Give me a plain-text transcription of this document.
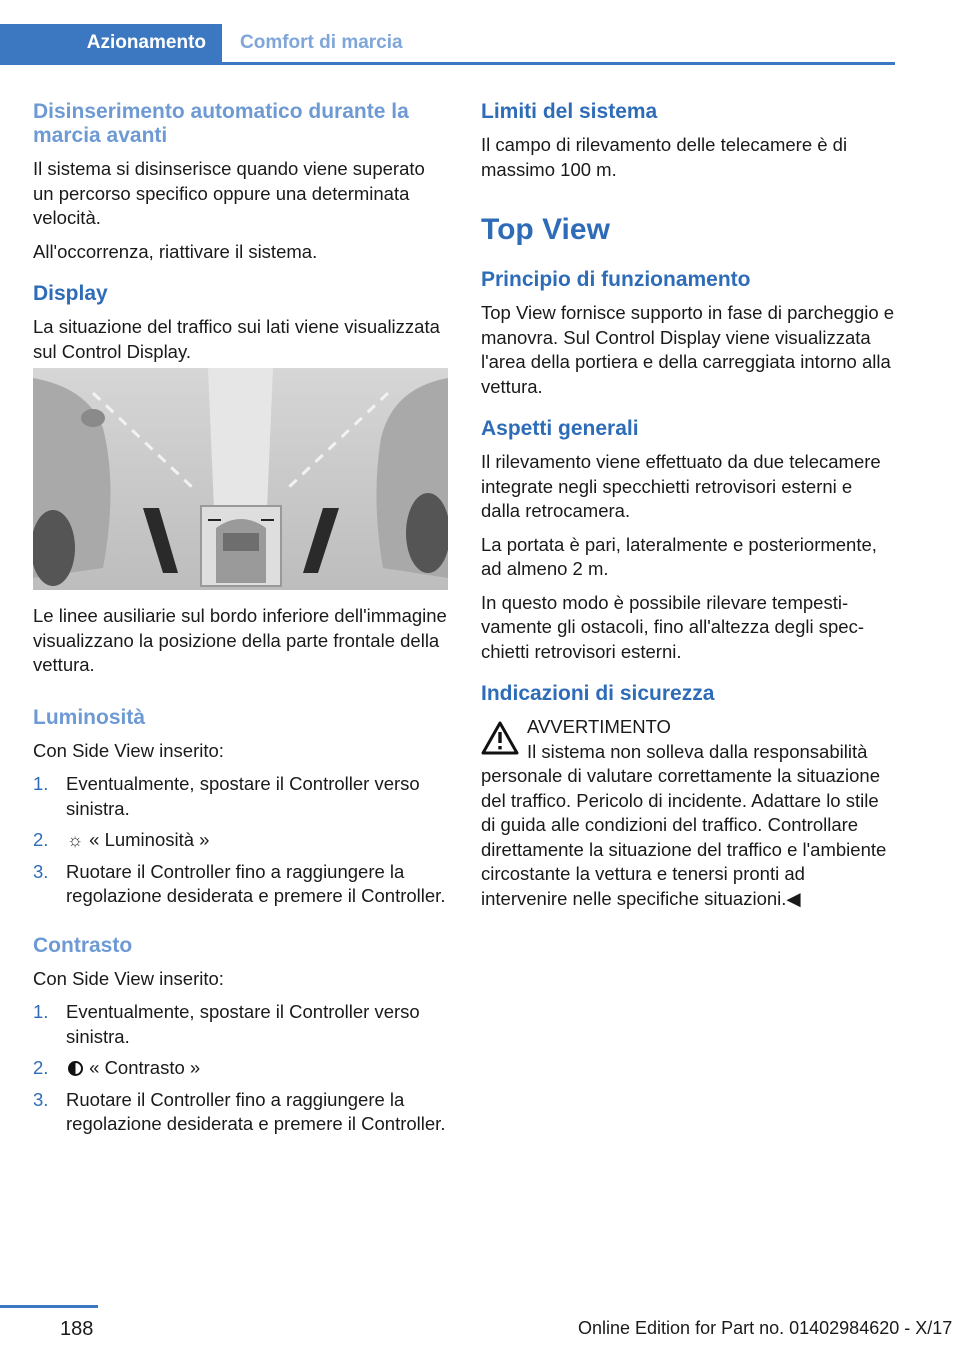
Azionamento	Comfort di marcia
Disinserimento automatico durante la marcia avanti

Il sistema si disinserisce quando viene superato un percorso specifico oppure una determinata velocità.

All'occorrenza, riattivare il sistema.

Display

La situazione del traffico sui lati viene visualizzata sul Control Display.

Le linee ausiliarie sul bordo inferiore dell'immagine visualizzano la posizione della parte frontale della vettura.

Luminosità

Con Side View inserito:

1. Eventualmente, spostare il Controller verso sinistra.
2. ☼ « Luminosità »
3. Ruotare il Controller fino a raggiungere la regolazione desiderata e premere il Controller.
Contrasto

Con Side View inserito:

1. Eventualmente, spostare il Controller verso sinistra.
2. « Contrasto »
3. Ruotare il Controller fino a raggiungere la regolazione desiderata e premere il Controller.
Limiti del sistema

Il campo di rilevamento delle telecamere è di massimo 100 m.

Top View
Principio di funzionamento

Top View fornisce supporto in fase di parcheggio e manovra. Sul Control Display viene visualizzata l'area della portiera e della carreggiata intorno alla vettura.

Aspetti generali

Il rilevamento viene effettuato da due telecamere integrate negli specchietti retrovisori esterni e dalla retrocamera.

La portata è pari, lateralmente e posteriormente, ad almeno 2 m.

In questo modo è possibile rilevare tempestivamente gli ostacoli, fino all'altezza degli specchietti retrovisori esterni.

Indicazioni di sicurezza
AVVERTIMENTO

Il sistema non solleva dalla responsabilità personale di valutare correttamente la situazione del traffico. Pericolo di incidente. Adattare lo stile di guida alle condizioni del traffico. Controllare direttamente la situazione del traffico e l'ambiente circostante la vettura e tenersi pronti ad intervenire nelle specifiche situazioni.◀

188	Online Edition for Part no. 01402984620 - X/17
